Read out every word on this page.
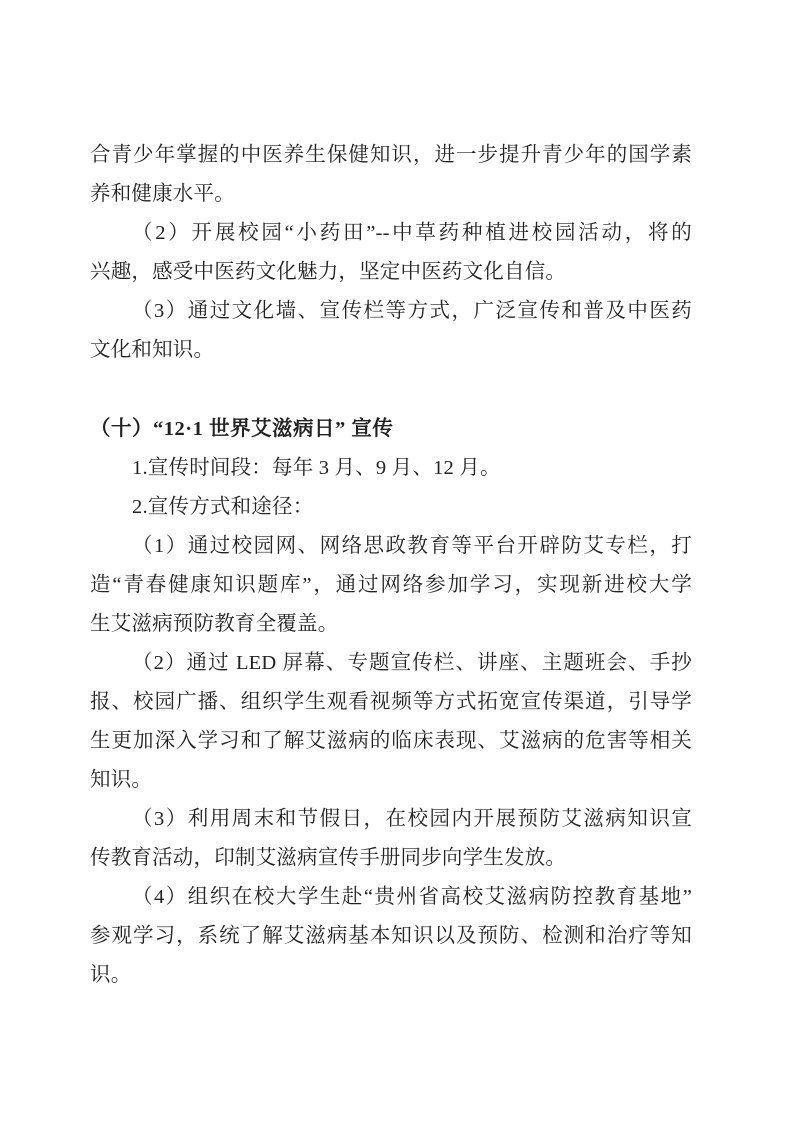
合青少年掌握的中医养生保健知识，进一步提升青少年的国学素
养和健康水平。
（2）开展校园“小药田”--中草药种植进校园活动，将的
兴趣，感受中医药文化魅力，坚定中医药文化自信。
（3）通过文化墙、宣传栏等方式，广泛宣传和普及中医药
文化和知识。
（十）“12·1 世界艾滋病日” 宣传
1.宣传时间段：每年 3 月、9 月、12 月。
2.宣传方式和途径：
（1）通过校园网、网络思政教育等平台开辟防艾专栏，打
造“青春健康知识题库”，通过网络参加学习，实现新进校大学
生艾滋病预防教育全覆盖。
（2）通过 LED 屏幕、专题宣传栏、讲座、主题班会、手抄
报、校园广播、组织学生观看视频等方式拓宽宣传渠道，引导学
生更加深入学习和了解艾滋病的临床表现、艾滋病的危害等相关
知识。
（3）利用周末和节假日，在校园内开展预防艾滋病知识宣
传教育活动，印制艾滋病宣传手册同步向学生发放。
（4）组织在校大学生赴“贵州省高校艾滋病防控教育基地”
参观学习，系统了解艾滋病基本知识以及预防、检测和治疗等知
识。
